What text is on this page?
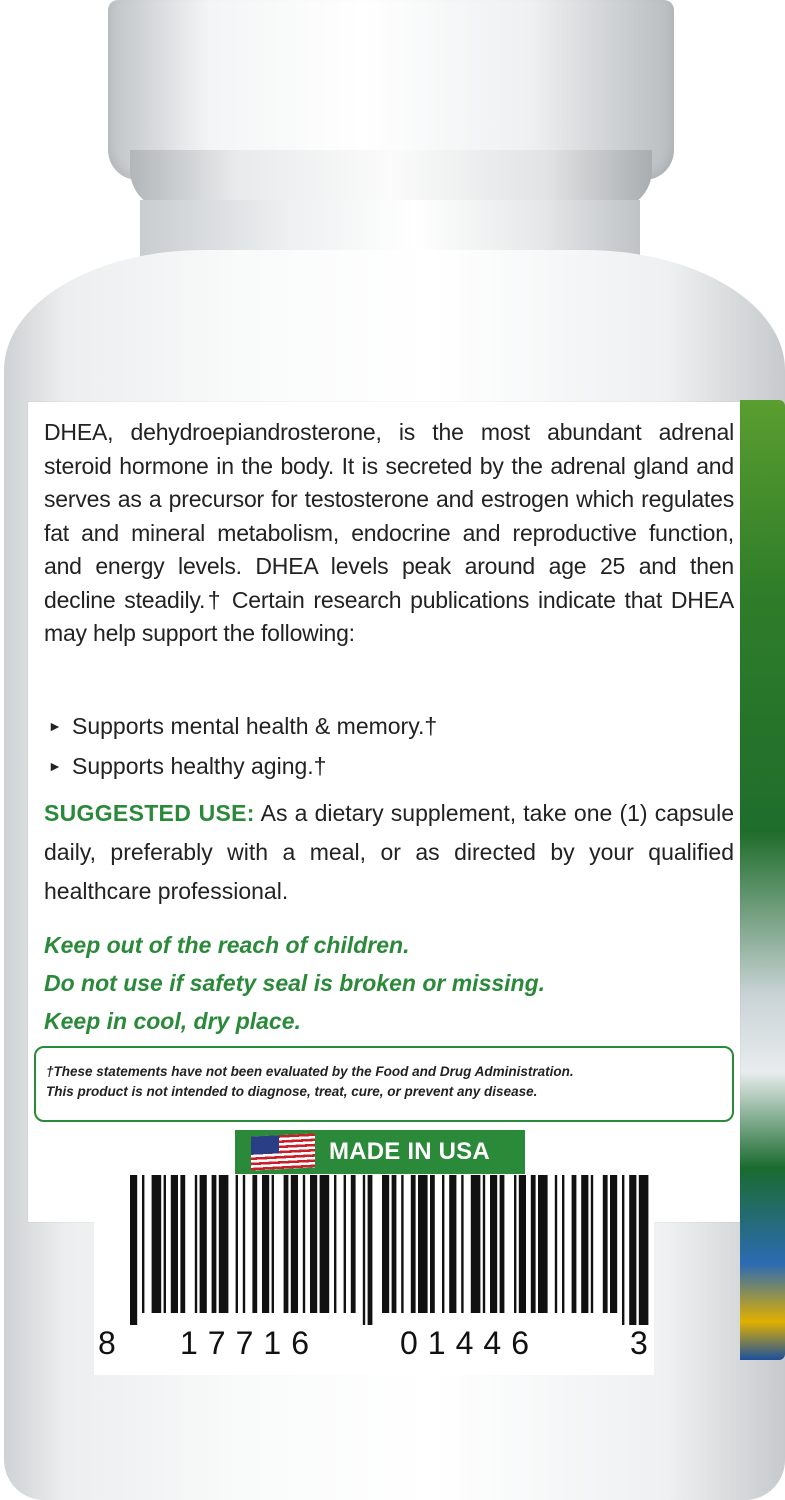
DHEA, dehydroepiandrosterone, is the most abundant adrenal steroid hormone in the body. It is secreted by the adrenal gland and serves as a precursor for testosterone and estrogen which regulates fat and mineral metabolism, endocrine and reproductive function, and energy levels. DHEA levels peak around age 25 and then decline steadily.† Certain research publications indicate that DHEA may help support the following:
► Supports mental health & memory.†
► Supports healthy aging.†
SUGGESTED USE: As a dietary supplement, take one (1) capsule daily, preferably with a meal, or as directed by your qualified healthcare professional.
Keep out of the reach of children.
Do not use if safety seal is broken or missing.
Keep in cool, dry place.
†These statements have not been evaluated by the Food and Drug Administration.
This product is not intended to diagnose, treat, cure, or prevent any disease.
MADE IN USA
8 17716	01446	3
